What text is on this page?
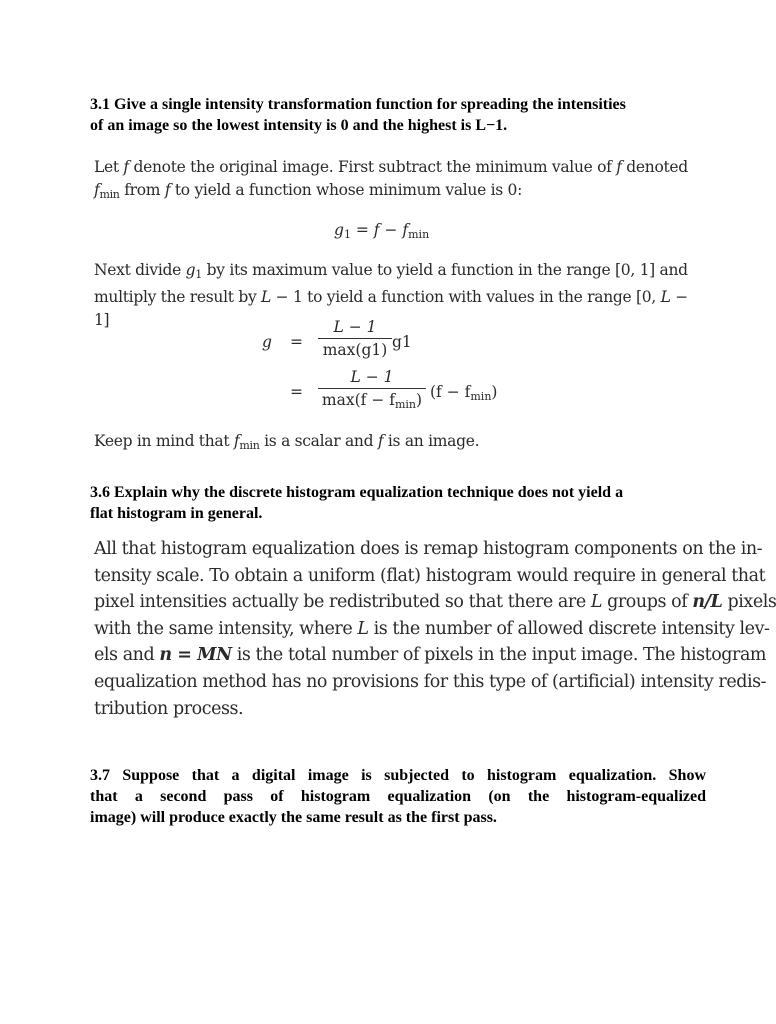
3.1 Give a single intensity transformation function for spreading the intensities
of an image so the lowest intensity is 0 and the highest is L−1.

Let f denote the original image. First subtract the minimum value of f denoted
$f_{min}$ from f to yield a function whose minimum value is 0:

$g_1 = f - f_{min}$

Next divide $g_1$ by its maximum value to yield a function in the range [0, 1] and
multiply the result by L − 1 to yield a function with values in the range [0, L − 1]

g =
L − 1
max(g1) g1
=
L − 1
$\max(f - f_{min})$ $(f - f_{min})$

Keep in mind that $f_{min}$ is a scalar and f is an image.

3.6 Explain why the discrete histogram equalization technique does not yield a
flat histogram in general.

All that histogram equalization does is remap histogram components on the in-
tensity scale. To obtain a uniform (flat) histogram would require in general that
pixel intensities actually be redistributed so that there are L groups of n/L pixels
with the same intensity, where L is the number of allowed discrete intensity lev-
els and n = MN is the total number of pixels in the input image. The histogram
equalization method has no provisions for this type of (artificial) intensity redis-
tribution process.

3.7 Suppose that a digital image is subjected to histogram equalization. Show
that a second pass of histogram equalization (on the histogram-equalized
image) will produce exactly the same result as the first pass.
